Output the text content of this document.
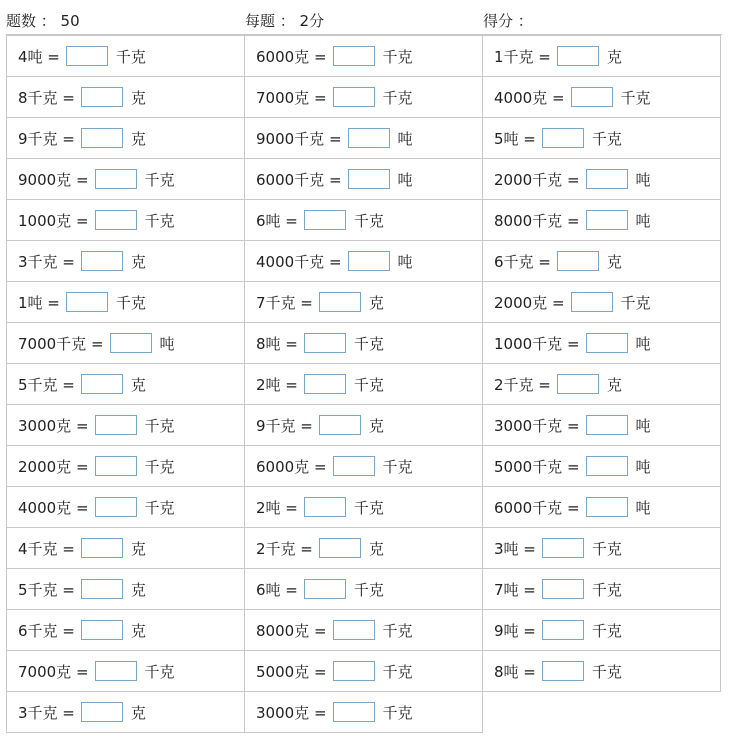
题数 ： 50	每题 ： 2分	得分 ：
4吨 =	千克	6000克 =	千克	1千克 =	克
8千克 =	克	7000克 =	千克	4000克 =	千克
9千克 =	克	9000千克 =	吨	5吨 =	千克
9000克 =	千克	6000千克 =	吨	2000千克 =	吨
1000克 =	千克	6吨 =	千克	8000千克 =	吨
3千克 =	克	4000千克 =	吨	6千克 =	克
1吨 =	千克	7千克 =	克	2000克 =	千克
7000千克 =	吨	8吨 =	千克	1000千克 =	吨
5千克 =	克	2吨 =	千克	2千克 =	克
3000克 =	千克	9千克 =	克	3000千克 =	吨
2000克 =	千克	6000克 =	千克	5000千克 =	吨
4000克 =	千克	2吨 =	千克	6000千克 =	吨
4千克 =	克	2千克 =	克	3吨 =	千克
5千克 =	克	6吨 =	千克	7吨 =	千克
6千克 =	克	8000克 =	千克	9吨 =	千克
7000克 =	千克	5000克 =	千克	8吨 =	千克
3千克 =	克	3000克 =	千克
